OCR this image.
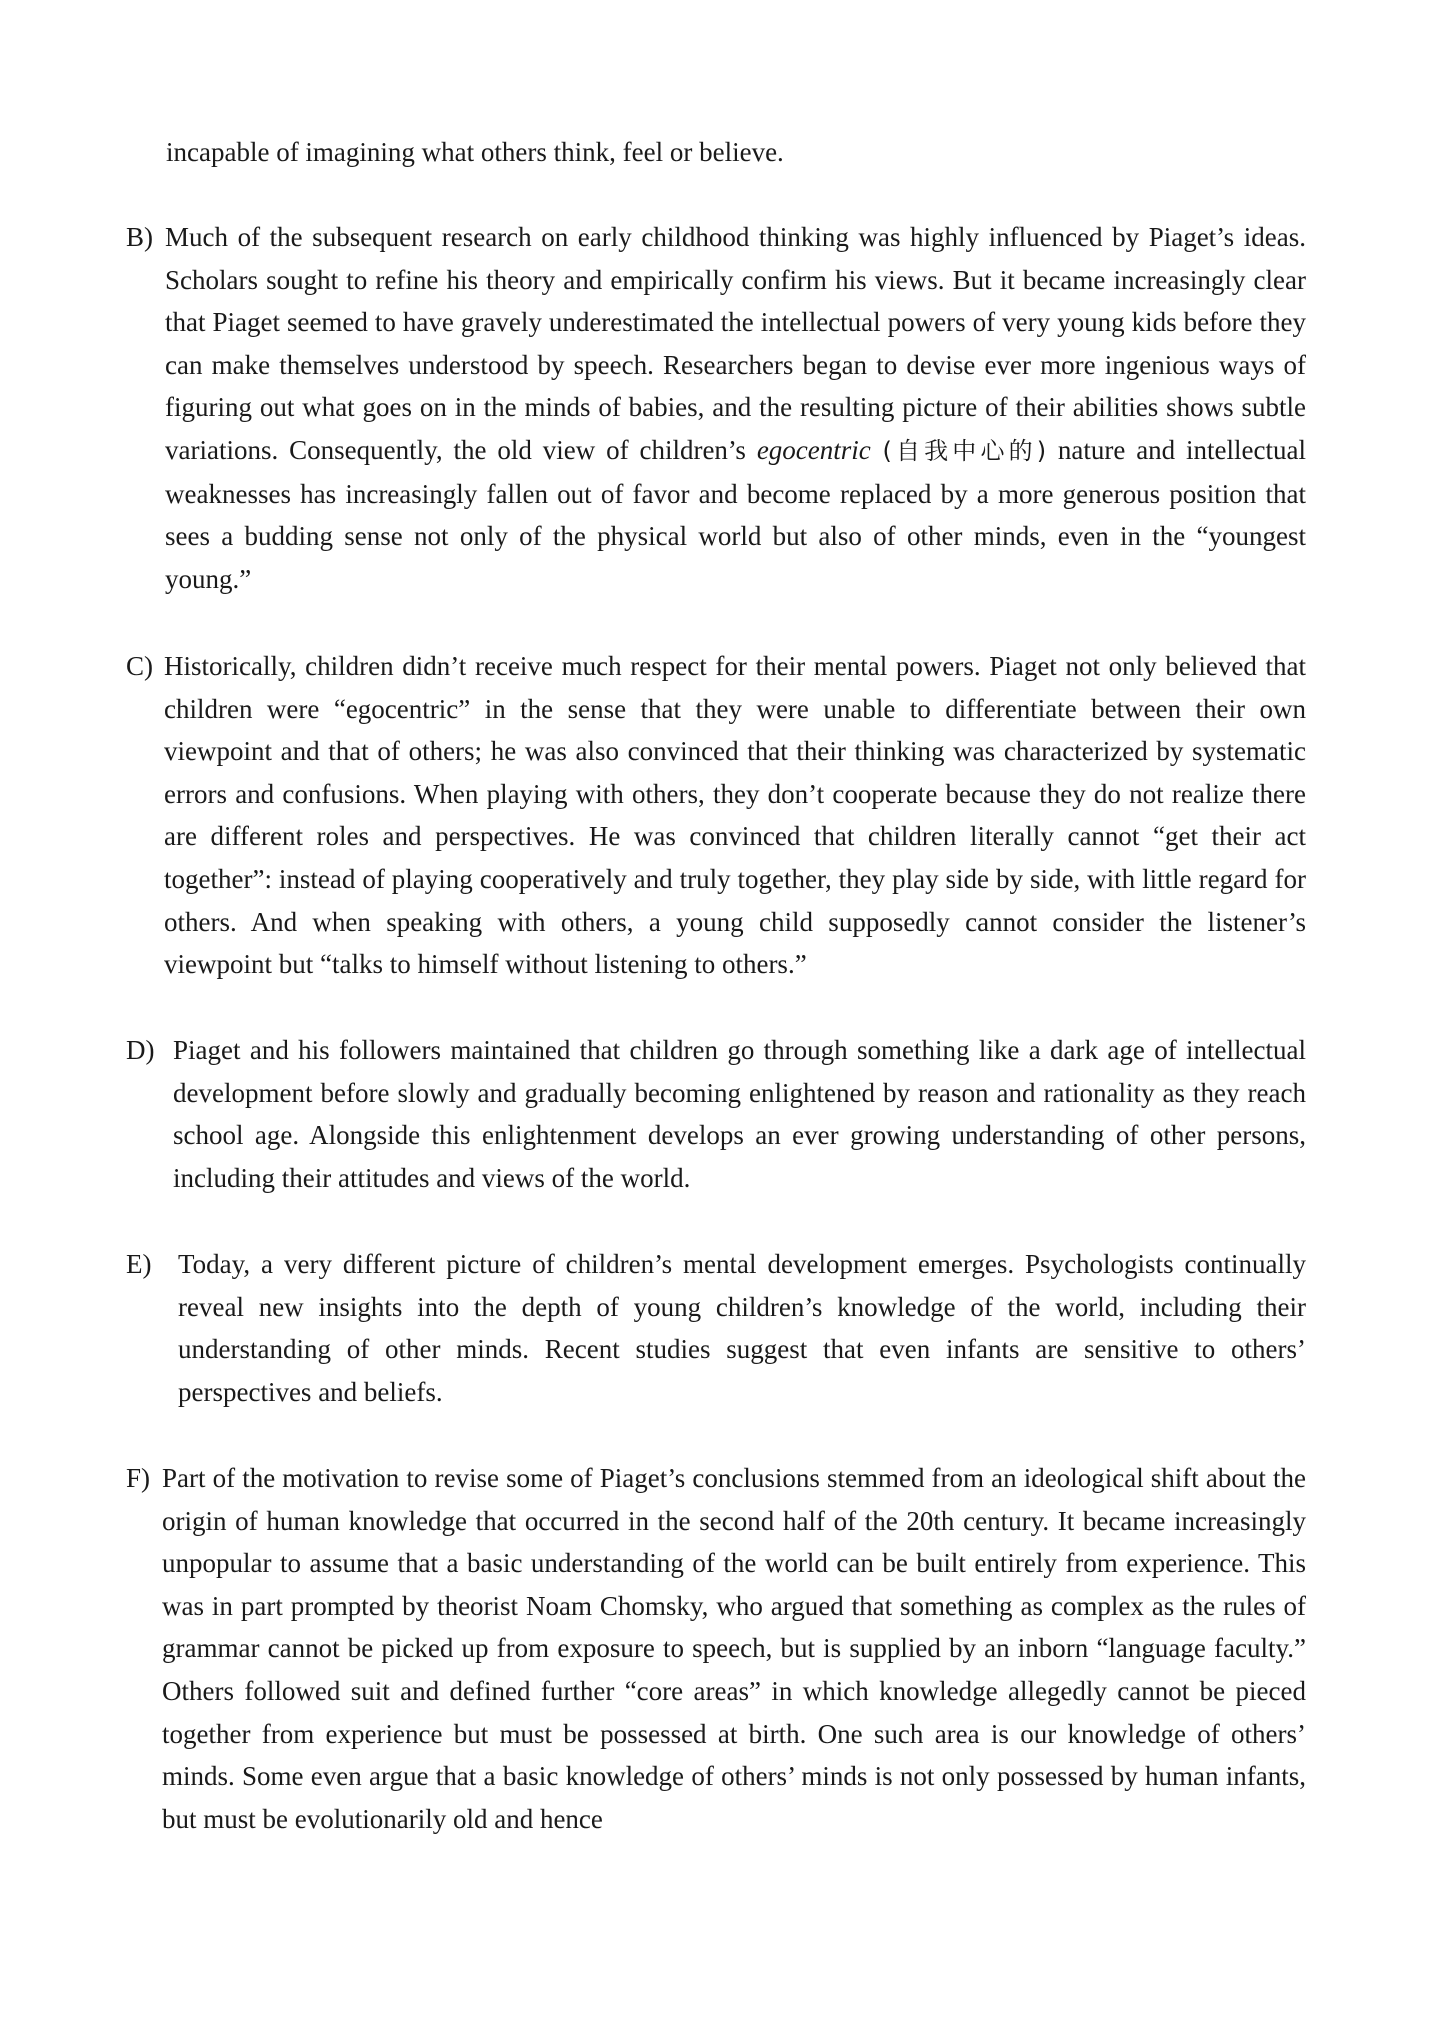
incapable of imagining what others think, feel or believe.
B) Much of the subsequent research on early childhood thinking was highly influenced by Piaget’s ideas. Scholars sought to refine his theory and empirically confirm his views. But it became increasingly clear that Piaget seemed to have gravely underestimated the intellectual powers of very young kids before they can make themselves understood by speech. Researchers began to devise ever more ingenious ways of figuring out what goes on in the minds of babies, and the resulting picture of their abilities shows subtle variations. Consequently, the old view of children’s egocentric (自我中心的) nature and intellectual weaknesses has increasingly fallen out of favor and become replaced by a more generous position that sees a budding sense not only of the physical world but also of other minds, even in the “youngest young.”
C) Historically, children didn’t receive much respect for their mental powers. Piaget not only believed that children were “egocentric” in the sense that they were unable to differentiate between their own viewpoint and that of others; he was also convinced that their thinking was characterized by systematic errors and confusions. When playing with others, they don’t cooperate because they do not realize there are different roles and perspectives. He was convinced that children literally cannot “get their act together”: instead of playing cooperatively and truly together, they play side by side, with little regard for others. And when speaking with others, a young child supposedly cannot consider the listener’s viewpoint but “talks to himself without listening to others.”
D) Piaget and his followers maintained that children go through something like a dark age of intellectual development before slowly and gradually becoming enlightened by reason and rationality as they reach school age. Alongside this enlightenment develops an ever growing understanding of other persons, including their attitudes and views of the world.
E) Today, a very different picture of children’s mental development emerges. Psychologists continually reveal new insights into the depth of young children’s knowledge of the world, including their understanding of other minds. Recent studies suggest that even infants are sensitive to others’ perspectives and beliefs.
F) Part of the motivation to revise some of Piaget’s conclusions stemmed from an ideological shift about the origin of human knowledge that occurred in the second half of the 20th century. It became increasingly unpopular to assume that a basic understanding of the world can be built entirely from experience. This was in part prompted by theorist Noam Chomsky, who argued that something as complex as the rules of grammar cannot be picked up from exposure to speech, but is supplied by an inborn “language faculty.” Others followed suit and defined further “core areas” in which knowledge allegedly cannot be pieced together from experience but must be possessed at birth. One such area is our knowledge of others’ minds. Some even argue that a basic knowledge of others’ minds is not only possessed by human infants, but must be evolutionarily old and hence
